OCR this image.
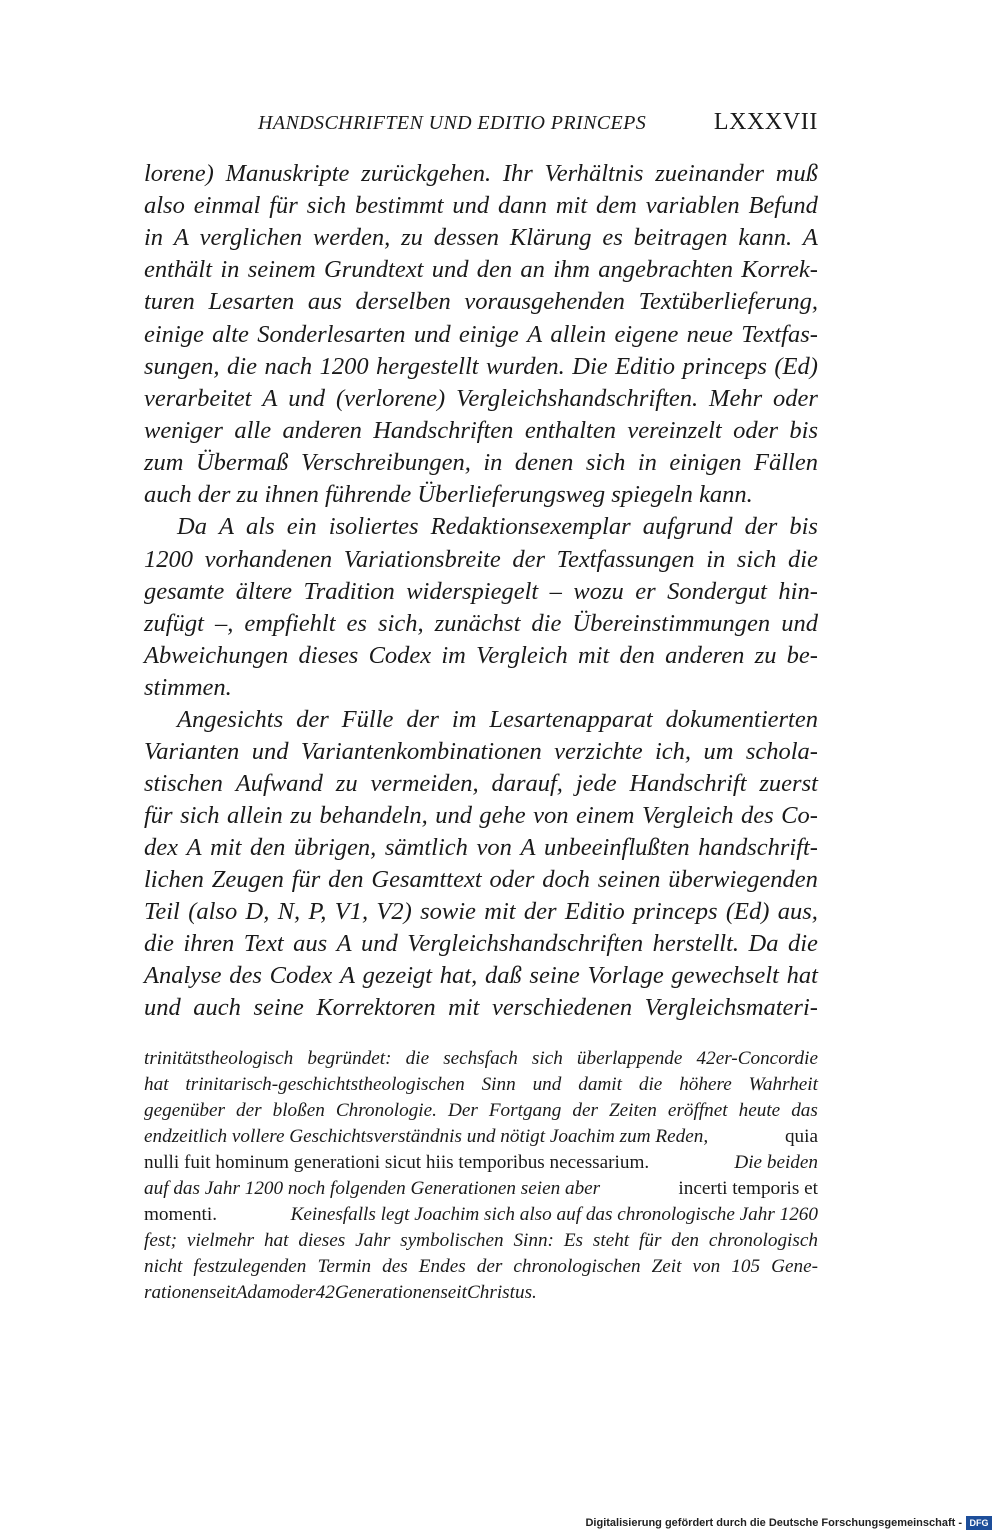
HANDSCHRIFTEN UND EDITIO PRINCEPS	LXXXVII
lorene) Manuskripte zurückgehen. Ihr Verhältnis zueinander muß
also einmal für sich bestimmt und dann mit dem variablen Befund
in A verglichen werden, zu dessen Klärung es beitragen kann. A
enthält in seinem Grundtext und den an ihm angebrachten Korrek-
turen Lesarten aus derselben vorausgehenden Textüberlieferung,
einige alte Sonderlesarten und einige A allein eigene neue Textfas-
sungen, die nach 1200 hergestellt wurden. Die Editio princeps (Ed)
verarbeitet A und (verlorene) Vergleichshandschriften. Mehr oder
weniger alle anderen Handschriften enthalten vereinzelt oder bis
zum Übermaß Verschreibungen, in denen sich in einigen Fällen
auch der zu ihnen führende Überlieferungsweg spiegeln kann.
Da A als ein isoliertes Redaktionsexemplar aufgrund der bis
1200 vorhandenen Variationsbreite der Textfassungen in sich die
gesamte ältere Tradition widerspiegelt – wozu er Sondergut hin-
zufügt –, empfiehlt es sich, zunächst die Übereinstimmungen und
Abweichungen dieses Codex im Vergleich mit den anderen zu be-
stimmen.
Angesichts der Fülle der im Lesartenapparat dokumentierten
Varianten und Variantenkombinationen verzichte ich, um schola-
stischen Aufwand zu vermeiden, darauf, jede Handschrift zuerst
für sich allein zu behandeln, und gehe von einem Vergleich des Co-
dex A mit den übrigen, sämtlich von A unbeeinflußten handschrift-
lichen Zeugen für den Gesamttext oder doch seinen überwiegenden
Teil (also D, N, P, V1, V2) sowie mit der Editio princeps (Ed) aus,
die ihren Text aus A und Vergleichshandschriften herstellt. Da die
Analyse des Codex A gezeigt hat, daß seine Vorlage gewechselt hat
und auch seine Korrektoren mit verschiedenen Vergleichsmateri-
trinitätstheologisch begründet: die sechsfach sich überlappende 42er-Concordie
hat trinitarisch-geschichtstheologischen Sinn und damit die höhere Wahrheit
gegenüber der bloßen Chronologie. Der Fortgang der Zeiten eröffnet heute das
endzeitlich vollere Geschichtsverständnis und nötigt Joachim zum Reden,	quia
nulli fuit hominum generationi sicut hiis temporibus necessarium.	Die beiden
auf das Jahr 1200 noch folgenden Generationen seien aber	incerti temporis et
momenti.	Keinesfalls legt Joachim sich also auf das chronologische Jahr 1260
fest; vielmehr hat dieses Jahr symbolischen Sinn: Es steht für den chronologisch
nicht festzulegenden Termin des Endes der chronologischen Zeit von 105 Gene-
rationen seit Adam oder 42 Generationen seit Christus.
Digitalisierung gefördert durch die Deutsche Forschungsgemeinschaft - DFG
